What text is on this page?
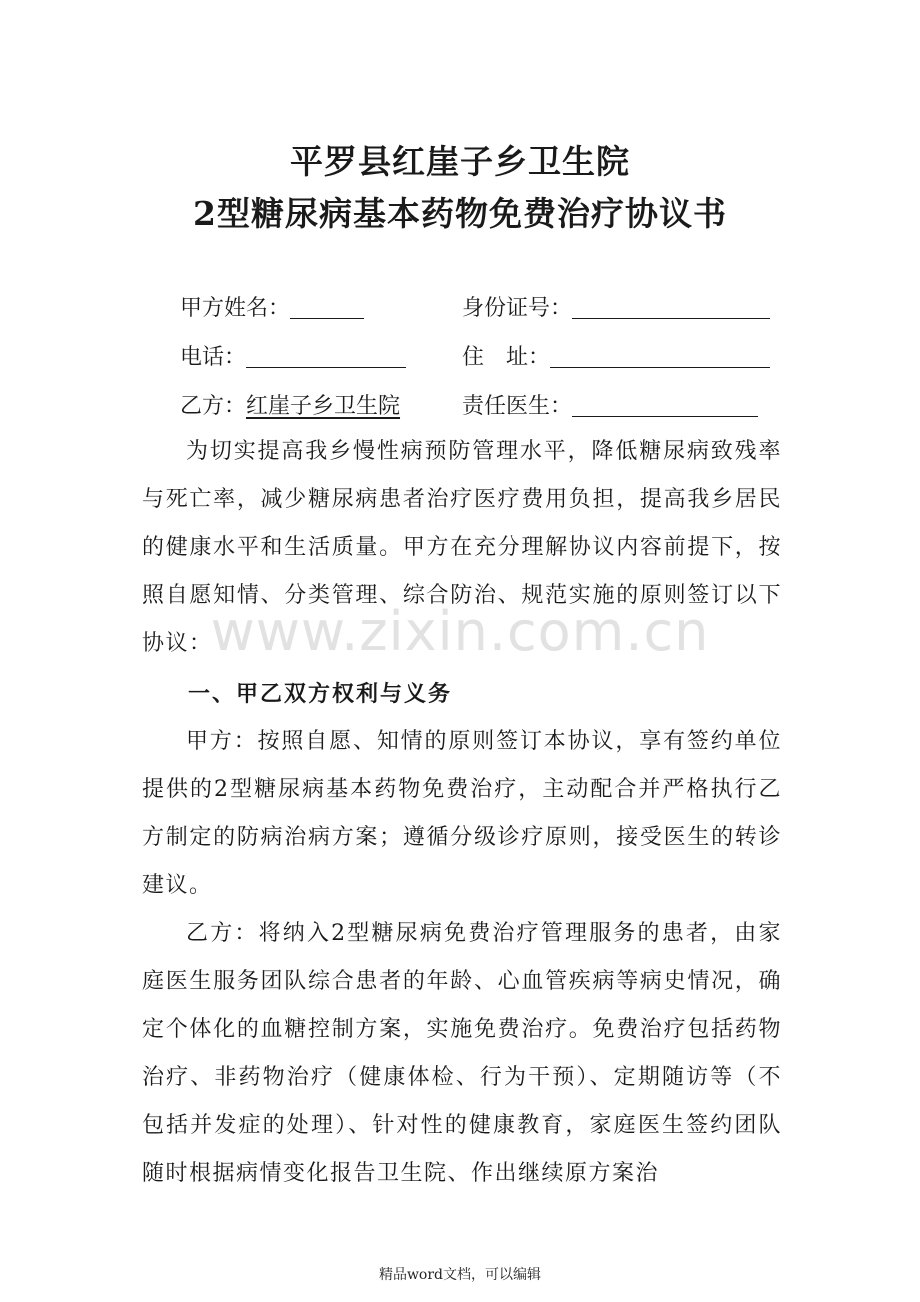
平罗县红崖子乡卫生院
2型糖尿病基本药物免费治疗协议书
甲方姓名：	身份证号：
电话：	住　址：
乙方：红崖子乡卫生院	责任医生：

为切实提高我乡慢性病预防管理水平，降低糖尿病致残率与死亡率，减少糖尿病患者治疗医疗费用负担，提高我乡居民的健康水平和生活质量。甲方在充分理解协议内容前提下，按照自愿知情、分类管理、综合防治、规范实施的原则签订以下协议：

一、甲乙双方权利与义务

甲方：按照自愿、知情的原则签订本协议，享有签约单位提供的2型糖尿病基本药物免费治疗，主动配合并严格执行乙方制定的防病治病方案；遵循分级诊疗原则，接受医生的转诊建议。

乙方：将纳入2型糖尿病免费治疗管理服务的患者，由家庭医生服务团队综合患者的年龄、心血管疾病等病史情况，确定个体化的血糖控制方案，实施免费治疗。免费治疗包括药物治疗、非药物治疗（健康体检、行为干预）、定期随访等（不包括并发症的处理）、针对性的健康教育，家庭医生签约团队随时根据病情变化报告卫生院、作出继续原方案治

www.zixin.com.cn
精品word文档，可以编辑
